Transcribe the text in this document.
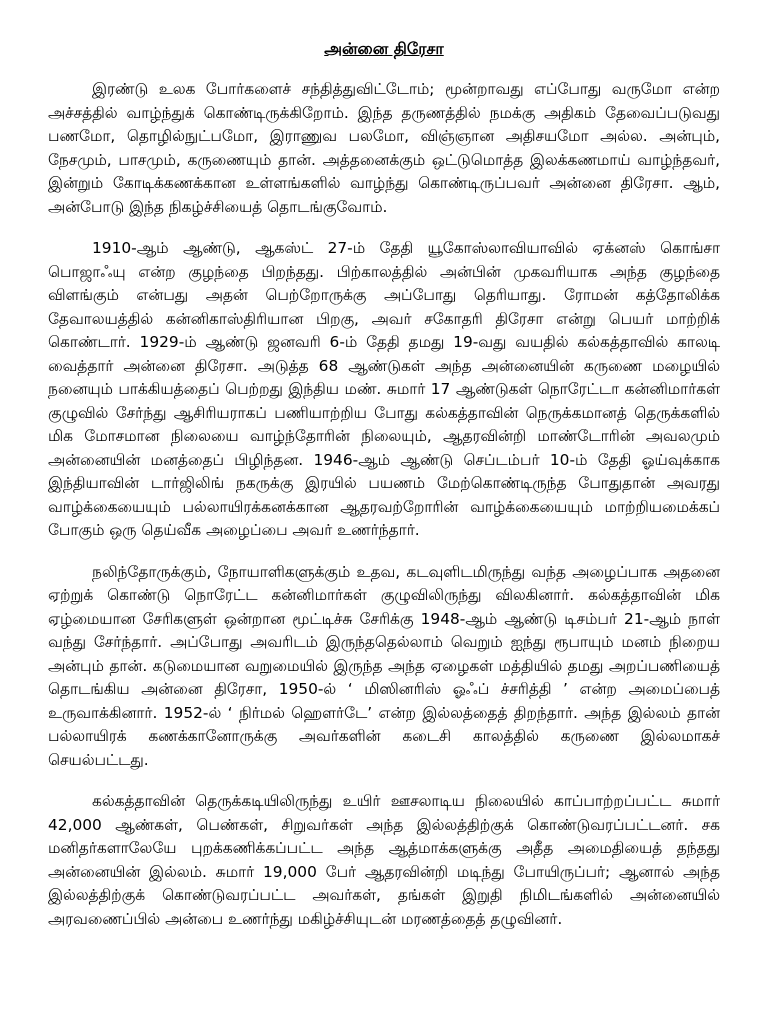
அன்னை திரேசா

இரண்டு உலக போர்களைச் சந்தித்துவிட்டோம்; மூன்றாவது எப்போது வருமோ என்ற அச்சத்தில் வாழ்ந்துக் கொண்டிருக்கிறோம். இந்த தருணத்தில் நமக்கு அதிகம் தேவைப்படுவது பணமோ, தொழில்நுட்பமோ, இராணுவ பலமோ, விஞ்ஞான அதிசயமோ அல்ல. அன்பும், நேசமும், பாசமும், கருணையும் தான். அத்தனைக்கும் ஒட்டுமொத்த இலக்கணமாய் வாழ்ந்தவர், இன்றும் கோடிக்கணக்கான உள்ளங்களில் வாழ்ந்து கொண்டிருப்பவர் அன்னை திரேசா. ஆம், அன்போடு இந்த நிகழ்ச்சியைத் தொடங்குவோம்.

1910-ஆம் ஆண்டு, ஆகஸ்ட் 27-ம் தேதி யூகோஸ்லாவியாவில் ஏக்னஸ் கொங்சா பொஜாஃயு என்ற குழந்தை பிறந்தது. பிற்காலத்தில் அன்பின் முகவரியாக அந்த குழந்தை விளங்கும் என்பது அதன் பெற்றோருக்கு அப்போது தெரியாது. ரோமன் கத்தோலிக்க தேவாலயத்தில் கன்னிகாஸ்திரியான பிறகு, அவர் சகோதரி திரேசா என்று பெயர் மாற்றிக் கொண்டார். 1929-ம் ஆண்டு ஜனவரி 6-ம் தேதி தமது 19-வது வயதில் கல்கத்தாவில் காலடி வைத்தார் அன்னை திரேசா. அடுத்த 68 ஆண்டுகள் அந்த அன்னையின் கருணை மழையில் நனையும் பாக்கியத்தைப் பெற்றது இந்திய மண். சுமார் 17 ஆண்டுகள் நொரேட்டா கன்னிமார்கள் குழுவில் சேர்ந்து ஆசிரியராகப் பணியாற்றிய போது கல்கத்தாவின் நெருக்கமானத் தெருக்களில் மிக மோசமான நிலையை வாழ்ந்தோரின் நிலையும், ஆதரவின்றி மாண்டோரின் அவலமும் அன்னையின் மனத்தைப் பிழிந்தன. 1946-ஆம் ஆண்டு செப்டம்பர் 10-ம் தேதி ஓய்வுக்காக இந்தியாவின் டார்ஜிலிங் நகருக்கு இரயில் பயணம் மேற்கொண்டிருந்த போதுதான் அவரது வாழ்க்கையையும் பல்லாயிரக்கனக்கான ஆதரவற்றோரின் வாழ்க்கையையும் மாற்றியமைக்கப் போகும் ஒரு தெய்வீக அழைப்பை அவர் உணர்ந்தார்.

நலிந்தோருக்கும், நோயாளிகளுக்கும் உதவ, கடவுளிடமிருந்து வந்த அழைப்பாக அதனை ஏற்றுக் கொண்டு நொரேட்ட கன்னிமார்கள் குழுவிலிருந்து விலகினார். கல்கத்தாவின் மிக ஏழ்மையான சேரிகளுள் ஒன்றான மூட்டிச்சு சேரிக்கு 1948-ஆம் ஆண்டு டிசம்பர் 21-ஆம் நாள் வந்து சேர்ந்தார். அப்போது அவரிடம் இருந்ததெல்லாம் வெறும் ஐந்து ரூபாயும் மனம் நிறைய அன்பும் தான். கடுமையான வறுமையில் இருந்த அந்த ஏழைகள் மத்தியில் தமது அறப்பணியைத் தொடங்கிய அன்னை திரேசா, 1950-ல் ‘ மிஸினரிஸ் ஓஃப் ச்சரித்தி ’ என்ற அமைப்பைத் உருவாக்கினார். 1952-ல் ‘ நிர்மல் ஹௌர்டே’ என்ற இல்லத்தைத் திறந்தார். அந்த இல்லம் தான் பல்லாயிரக் கணக்கானோருக்கு அவர்களின் கடைசி காலத்தில் கருணை இல்லமாகச் செயல்பட்டது.

கல்கத்தாவின் தெருக்கடியிலிருந்து உயிர் ஊசலாடிய நிலையில் காப்பாற்றப்பட்ட சுமார் 42,000 ஆண்கள், பெண்கள், சிறுவர்கள் அந்த இல்லத்திற்குக் கொண்டுவரப்பட்டனர். சக மனிதர்களாலேயே புறக்கணிக்கப்பட்ட அந்த ஆத்மாக்களுக்கு அதீத அமைதியைத் தந்தது அன்னையின் இல்லம். சுமார் 19,000 பேர் ஆதரவின்றி மடிந்து போயிருப்பர்; ஆனால் அந்த இல்லத்திற்குக் கொண்டுவரப்பட்ட அவர்கள், தங்கள் இறுதி நிமிடங்களில் அன்னையில் அரவணைப்பில் அன்பை உணர்ந்து மகிழ்ச்சியுடன் மரணத்தைத் தழுவினர்.
